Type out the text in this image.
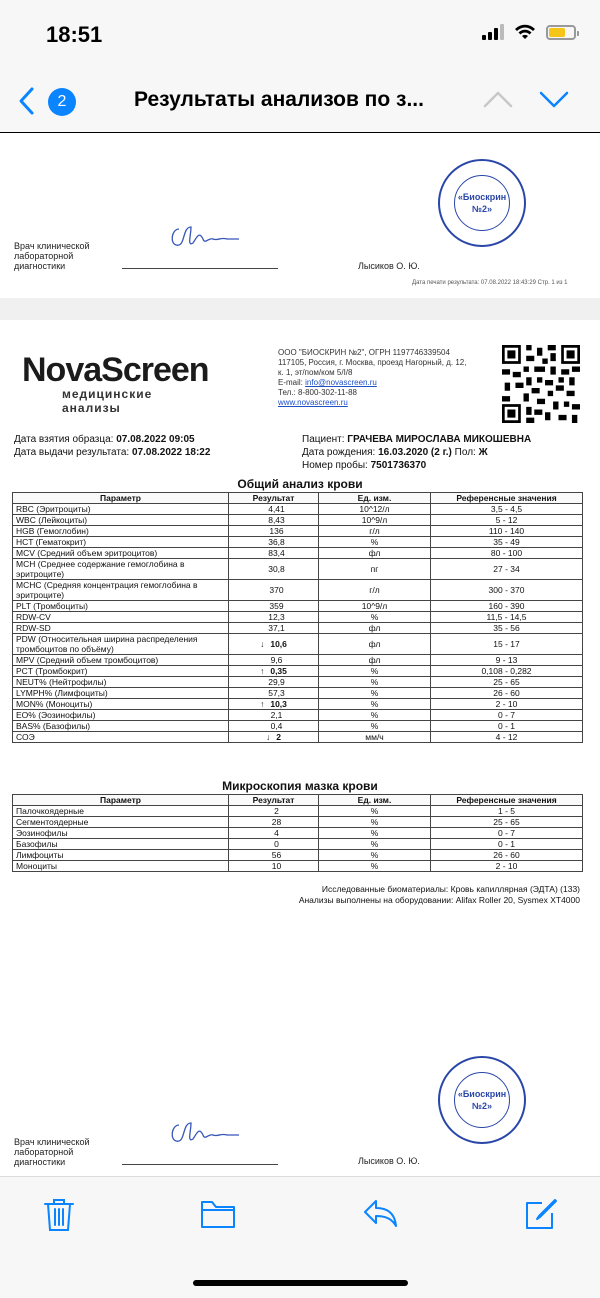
18:51
2	Результаты анализов по з...
«Биоскрин
№2»
Врач клинической
лабораторной
диагностики	Лысиков О. Ю.
Дата печати результата: 07.08.2022 18:43:29 Стр. 1 из 1
NovaScreen
медицинские анализы
ООО "БИОСКРИН №2", ОГРН 1197746339504
117105, Россия, г. Москва, проезд Нагорный, д. 12,
к. 1, эт/пом/ком 5/I/8
E-mail: info@novascreen.ru
Тел.: 8-800-302-11-88
www.novascreen.ru
Дата взятия образца: 07.08.2022 09:05
Дата выдачи результата: 07.08.2022 18:22
Пациент: ГРАЧЕВА МИРОСЛАВА МИКОШЕВНА
Дата рождения: 16.03.2020 (2 г.) Пол: Ж
Номер пробы: 7501736370
Общий анализ крови
Параметр	Результат	Ед. изм.	Референсные значения
RBC (Эритроциты)	4,41	10^12/л	3,5 - 4,5
WBC (Лейкоциты)	8,43	10^9/л	5 - 12
HGB (Гемоглобин)	136	г/л	110 - 140
HCT (Гематокрит)	36,8	%	35 - 49
MCV (Средний объем эритроцитов)	83,4	фл	80 - 100
MCH (Среднее содержание гемоглобина в эритроците)	30,8	пг	27 - 34
MCHC (Средняя концентрация гемоглобина в эритроците)	370	г/л	300 - 370
PLT (Тромбоциты)	359	10^9/л	160 - 390
RDW-CV	12,3	%	11,5 - 14,5
RDW-SD	37,1	фл	35 - 56
PDW (Относительная ширина распределения тромбоцитов по объёму)	↓ 10,6	фл	15 - 17
MPV (Средний объем тромбоцитов)	9,6	фл	9 - 13
PCT (Тромбокрит)	↑ 0,35	%	0,108 - 0,282
NEUT% (Нейтрофилы)	29,9	%	25 - 65
LYMPH% (Лимфоциты)	57,3	%	26 - 60
MON% (Моноциты)	↑ 10,3	%	2 - 10
EO% (Эозинофилы)	2,1	%	0 - 7
BAS% (Базофилы)	0,4	%	0 - 1
СОЭ	↓ 2	мм/ч	4 - 12
Микроскопия мазка крови
Параметр	Результат	Ед. изм.	Референсные значения
Палочкоядерные	2	%	1 - 5
Сегментоядерные	28	%	25 - 65
Эозинофилы	4	%	0 - 7
Базофилы	0	%	0 - 1
Лимфоциты	56	%	26 - 60
Моноциты	10	%	2 - 10
Исследованные биоматериалы: Кровь капиллярная (ЭДТА) (133)
Анализы выполнены на оборудовании: Alifax Roller 20, Sysmex XT4000
«Биоскрин
№2»
Врач клинической
лабораторной
диагностики	Лысиков О. Ю.
